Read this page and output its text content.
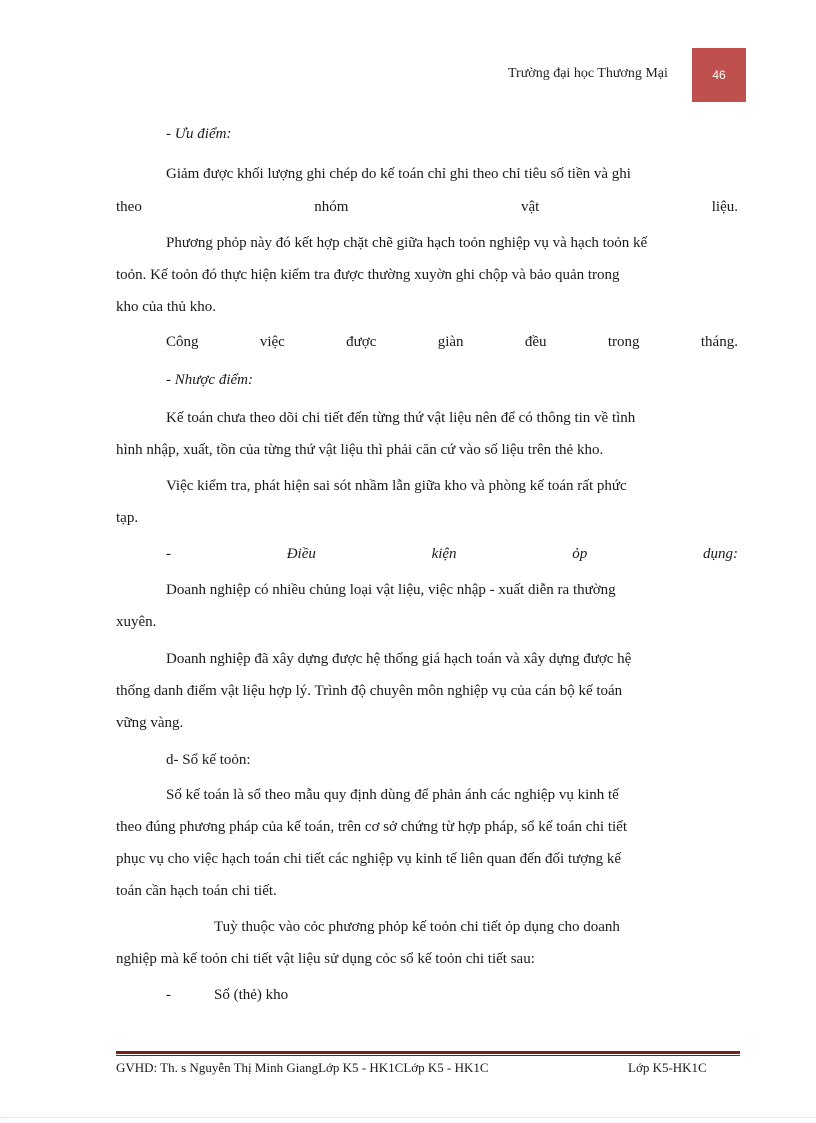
Trường đại học Thương Mại	46
- Ưu điểm:
Giảm được khối lượng ghi chép do kế toán chỉ ghi theo chỉ tiêu số tiền và ghi
theo	nhóm	vật	liệu.
Phương phỏp này đó kết hợp chặt chẽ giữa hạch toỏn nghiệp vụ và hạch toỏn kế
toỏn. Kế toỏn đó thực hiện kiểm tra được thường xuyờn ghi chộp và bảo quản trong
kho của thủ kho.
Công	việc	được	giàn	đều	trong	tháng.
- Nhược điểm:
Kế toán chưa theo dõi chi tiết đến từng thứ vật liệu nên để có thông tin về tình
hình nhập, xuất, tồn của từng thứ vật liệu thì phải căn cứ vào số liệu trên thẻ kho.
Việc kiểm tra, phát hiện sai sót nhầm lẫn giữa kho và phòng kế toán rất phức
tạp.
-	Điều	kiện	ỏp	dụng:
Doanh nghiệp có nhiều chủng loại vật liệu, việc nhập - xuất diễn ra thường
xuyên.
Doanh nghiệp đã xây dựng được hệ thống giá hạch toán và xây dựng được hệ
thống danh điểm vật liệu hợp lý. Trình độ chuyên môn nghiệp vụ của cán bộ kế toán
vững vàng.
d- Sổ kế toỏn:
Sổ kế toán là sổ theo mẫu quy định dùng để phản ánh các nghiệp vụ kinh tế
theo đúng phương pháp của kế toán, trên cơ sở chứng từ hợp pháp, sổ kế toán chi tiết
phục vụ cho việc hạch toán chi tiết các nghiệp vụ kinh tế liên quan đến đối tượng kế
toán cần hạch toán chi tiết.
Tuỳ thuộc vào cỏc phương phỏp kế toỏn chi tiết ỏp dụng cho doanh
nghiệp mà kế toỏn chi tiết vật liệu sử dụng cỏc sổ kế toỏn chi tiết sau:
-	Sổ (thẻ) kho
GVHD: Th. s Nguyễn Thị Minh GiangLớp K5 - HK1CLớp K5 - HK1C	Lớp K5-HK1C
